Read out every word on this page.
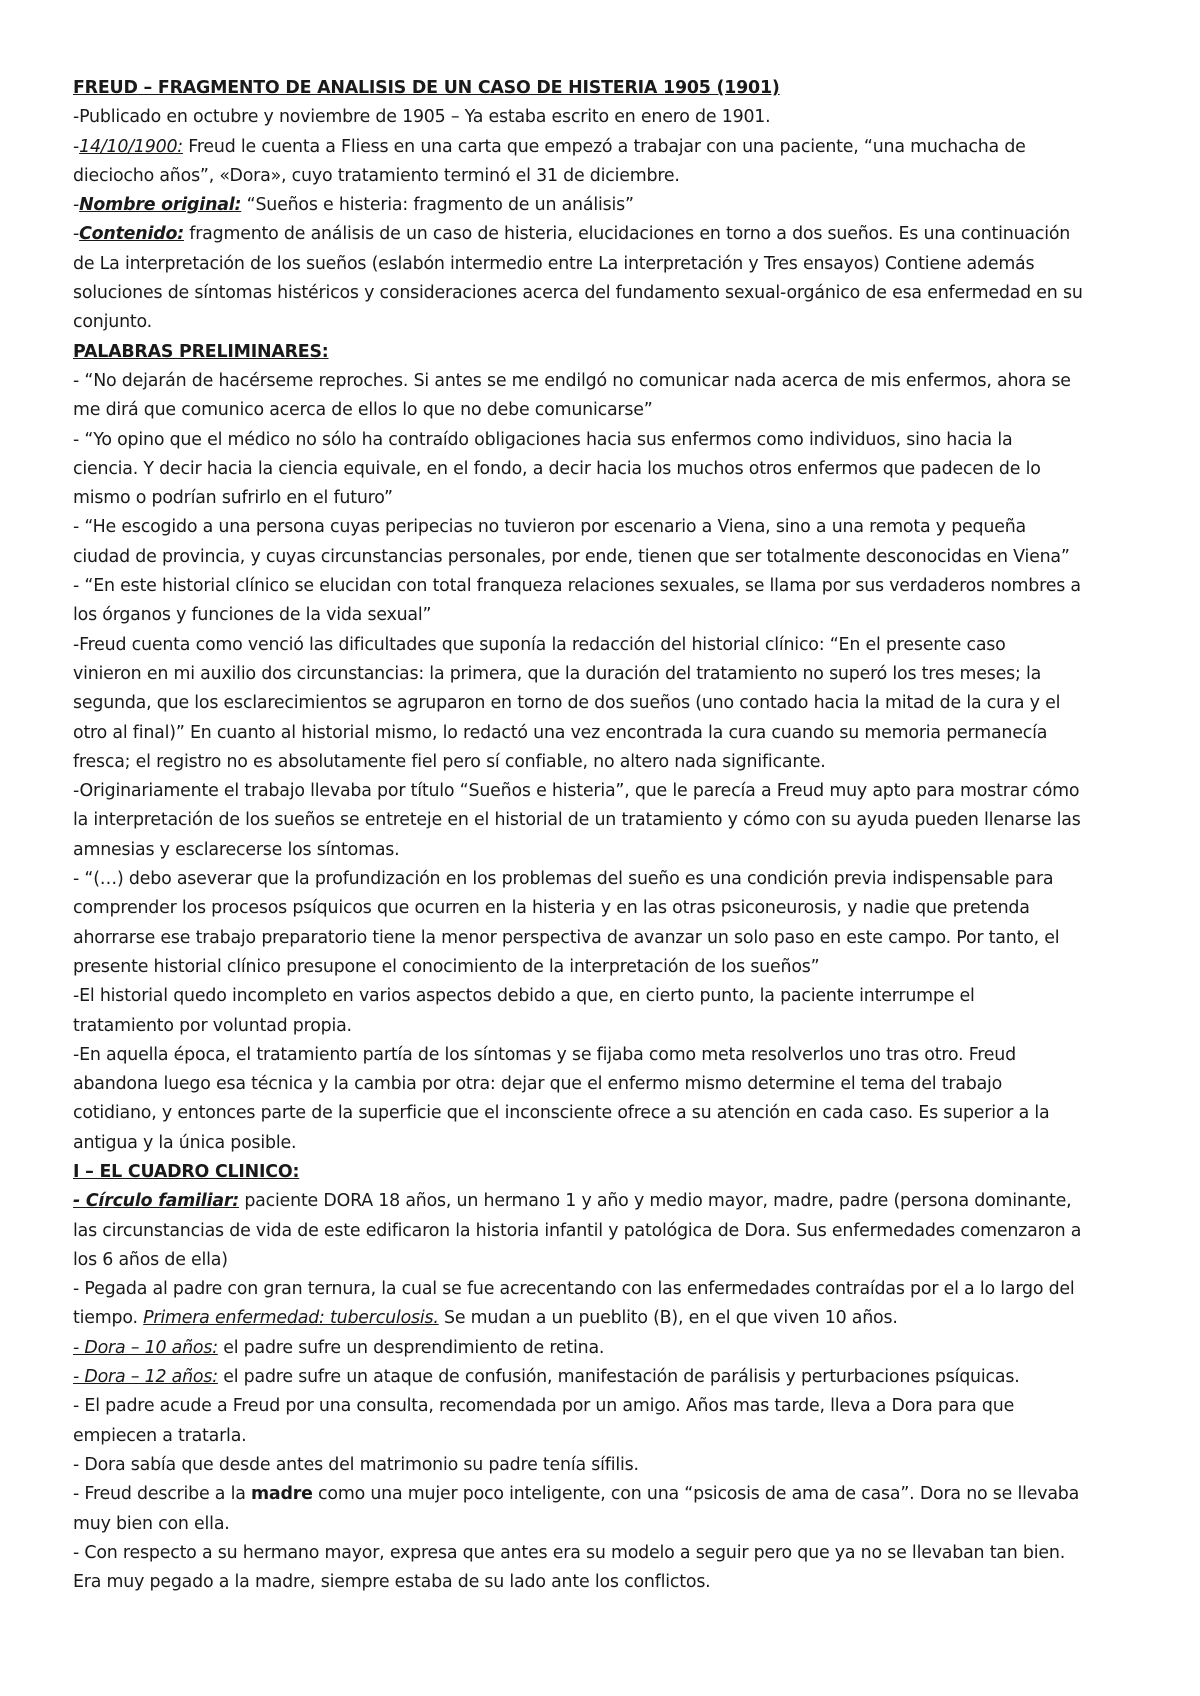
FREUD – FRAGMENTO DE ANALISIS DE UN CASO DE HISTERIA 1905 (1901)

-Publicado en octubre y noviembre de 1905 – Ya estaba escrito en enero de 1901.

-14/10/1900: Freud le cuenta a Fliess en una carta que empezó a trabajar con una paciente, “una muchacha de

dieciocho años”, «Dora», cuyo tratamiento terminó el 31 de diciembre.

-Nombre original: “Sueños e histeria: fragmento de un análisis”

-Contenido: fragmento de análisis de un caso de histeria, elucidaciones en torno a dos sueños. Es una continuación

de La interpretación de los sueños (eslabón intermedio entre La interpretación y Tres ensayos) Contiene además

soluciones de síntomas histéricos y consideraciones acerca del fundamento sexual-orgánico de esa enfermedad en su

conjunto.

PALABRAS PRELIMINARES:

- “No dejarán de hacérseme reproches. Si antes se me endilgó no comunicar nada acerca de mis enfermos, ahora se

me dirá que comunico acerca de ellos lo que no debe comunicarse”

- “Yo opino que el médico no sólo ha contraído obligaciones hacia sus enfermos como individuos, sino hacia la

ciencia. Y decir hacia la ciencia equivale, en el fondo, a decir hacia los muchos otros enfermos que padecen de lo

mismo o podrían sufrirlo en el futuro”

- “He escogido a una persona cuyas peripecias no tuvieron por escenario a Viena, sino a una remota y pequeña

ciudad de provincia, y cuyas circunstancias personales, por ende, tienen que ser totalmente desconocidas en Viena”

- “En este historial clínico se elucidan con total franqueza relaciones sexuales, se llama por sus verdaderos nombres a

los órganos y funciones de la vida sexual”

-Freud cuenta como venció las dificultades que suponía la redacción del historial clínico: “En el presente caso

vinieron en mi auxilio dos circunstancias: la primera, que la duración del tratamiento no superó los tres meses; la

segunda, que los esclarecimientos se agruparon en torno de dos sueños (uno contado hacia la mitad de la cura y el

otro al final)” En cuanto al historial mismo, lo redactó una vez encontrada la cura cuando su memoria permanecía

fresca; el registro no es absolutamente fiel pero sí confiable, no altero nada significante.

-Originariamente el trabajo llevaba por título “Sueños e histeria”, que le parecía a Freud muy apto para mostrar cómo

la interpretación de los sueños se entreteje en el historial de un tratamiento y cómo con su ayuda pueden llenarse las

amnesias y esclarecerse los síntomas.

- “(…) debo aseverar que la profundización en los problemas del sueño es una condición previa indispensable para

comprender los procesos psíquicos que ocurren en la histeria y en las otras psiconeurosis, y nadie que pretenda

ahorrarse ese trabajo preparatorio tiene la menor perspectiva de avanzar un solo paso en este campo. Por tanto, el

presente historial clínico presupone el conocimiento de la interpretación de los sueños”

-El historial quedo incompleto en varios aspectos debido a que, en cierto punto, la paciente interrumpe el

tratamiento por voluntad propia.

-En aquella época, el tratamiento partía de los síntomas y se fijaba como meta resolverlos uno tras otro. Freud

abandona luego esa técnica y la cambia por otra: dejar que el enfermo mismo determine el tema del trabajo

cotidiano, y entonces parte de la superficie que el inconsciente ofrece a su atención en cada caso. Es superior a la

antigua y la única posible.

I – EL CUADRO CLINICO:

- Círculo familiar: paciente DORA 18 años, un hermano 1 y año y medio mayor, madre, padre (persona dominante,

las circunstancias de vida de este edificaron la historia infantil y patológica de Dora. Sus enfermedades comenzaron a

los 6 años de ella)

- Pegada al padre con gran ternura, la cual se fue acrecentando con las enfermedades contraídas por el a lo largo del

tiempo. Primera enfermedad: tuberculosis. Se mudan a un pueblito (B), en el que viven 10 años.

- Dora – 10 años: el padre sufre un desprendimiento de retina.

- Dora – 12 años: el padre sufre un ataque de confusión, manifestación de parálisis y perturbaciones psíquicas.

- El padre acude a Freud por una consulta, recomendada por un amigo. Años mas tarde, lleva a Dora para que

empiecen a tratarla.

- Dora sabía que desde antes del matrimonio su padre tenía sífilis.

- Freud describe a la madre como una mujer poco inteligente, con una “psicosis de ama de casa”. Dora no se llevaba

muy bien con ella.

- Con respecto a su hermano mayor, expresa que antes era su modelo a seguir pero que ya no se llevaban tan bien.

Era muy pegado a la madre, siempre estaba de su lado ante los conflictos.
